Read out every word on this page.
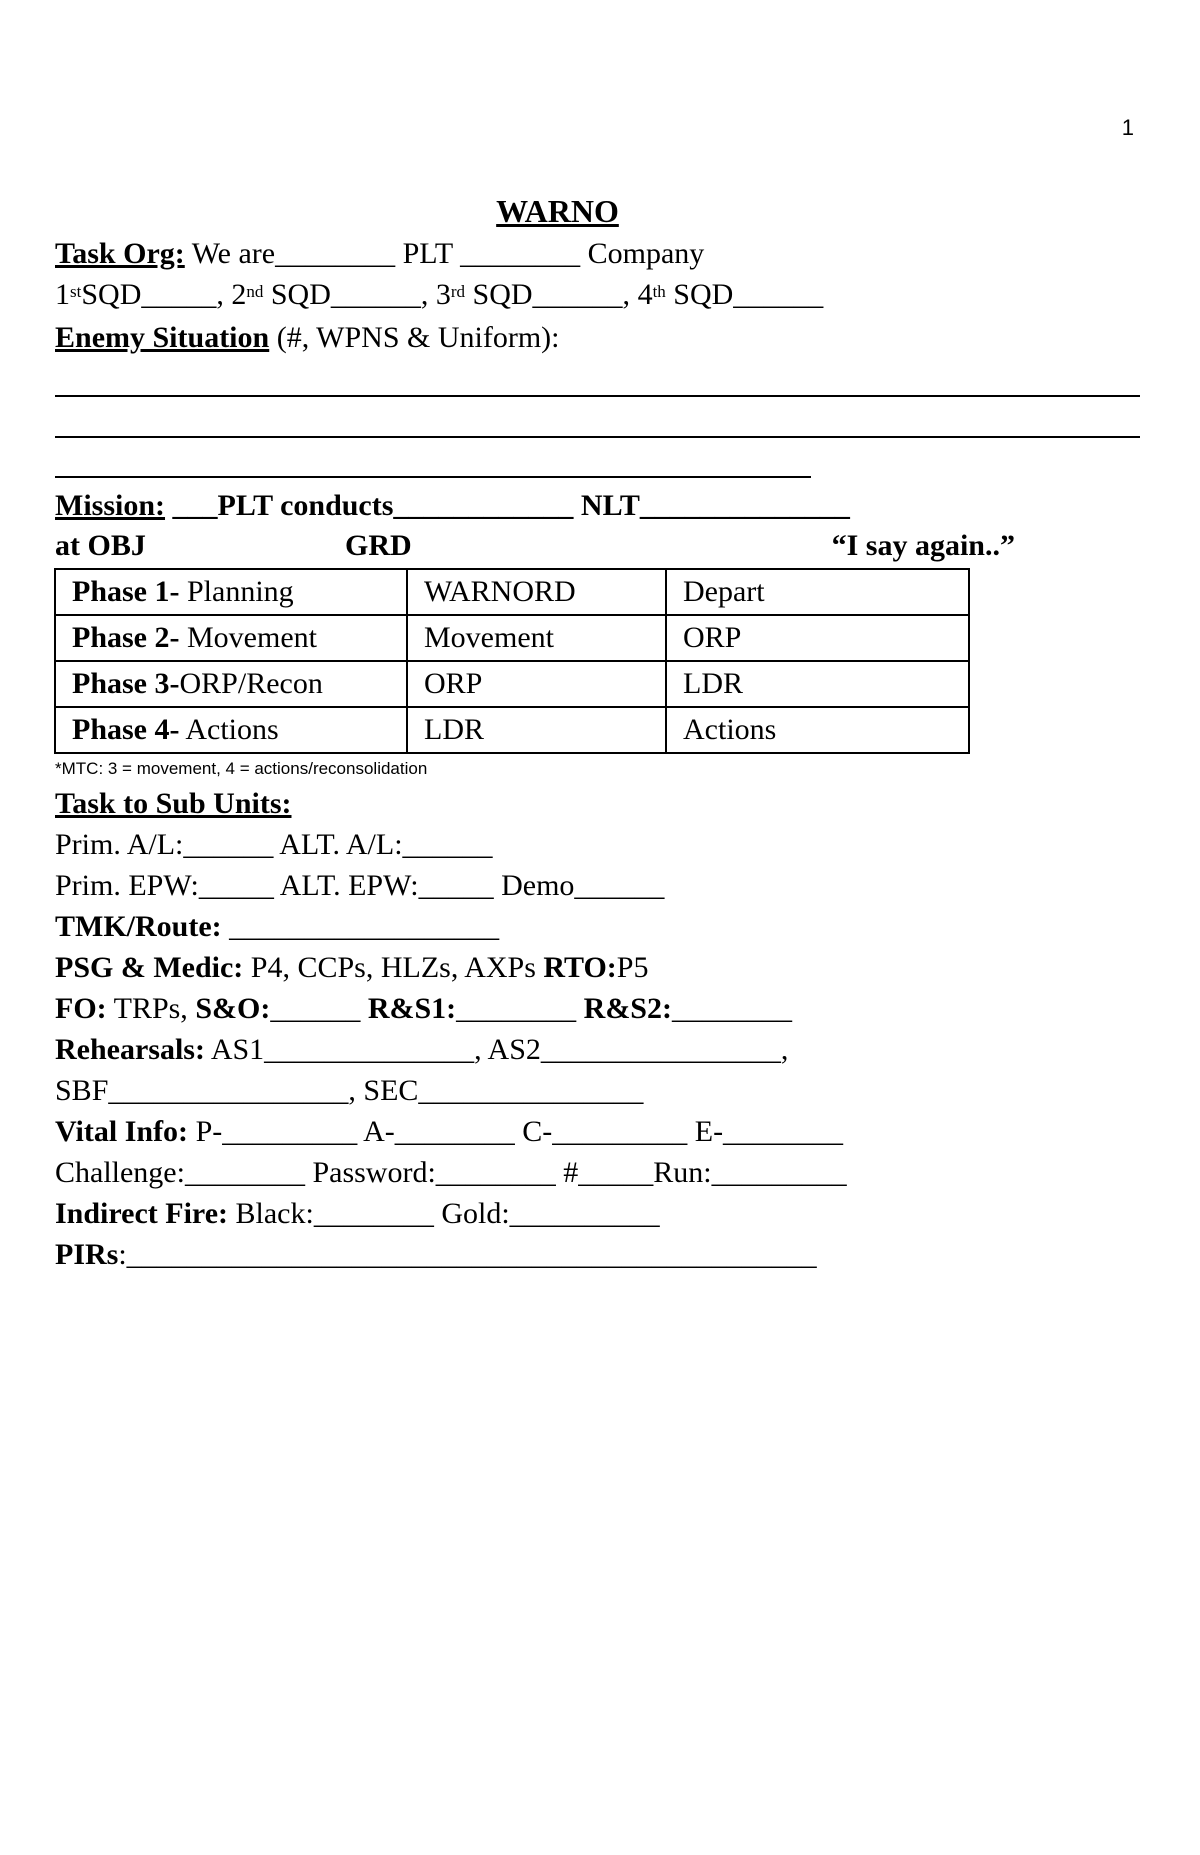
1
WARNO
Task Org: We are________ PLT ________ Company
1stSQD_____, 2nd SQD______, 3rd SQD______, 4th SQD______
Enemy Situation (#, WPNS & Uniform):
Mission: ___PLT conducts____________ NLT______________
at OBJ	GRD	“I say again..”
Phase 1- Planning	WARNORD	Depart
Phase 2- Movement	Movement	ORP
Phase 3-ORP/Recon	ORP	LDR
Phase 4- Actions	LDR	Actions
*MTC: 3 = movement, 4 = actions/reconsolidation
Task to Sub Units:
Prim. A/L:______ ALT. A/L:______
Prim. EPW:_____ ALT. EPW:_____ Demo______
TMK/Route: __________________
PSG & Medic: P4, CCPs, HLZs, AXPs RTO:P5
FO: TRPs, S&O:______ R&S1:________ R&S2:________
Rehearsals: AS1______________, AS2________________,
SBF________________, SEC_______________
Vital Info: P-_________ A-________ C-_________ E-________
Challenge:________ Password:________ #_____Run:_________
Indirect Fire: Black:________ Gold:__________
PIRs:______________________________________________
